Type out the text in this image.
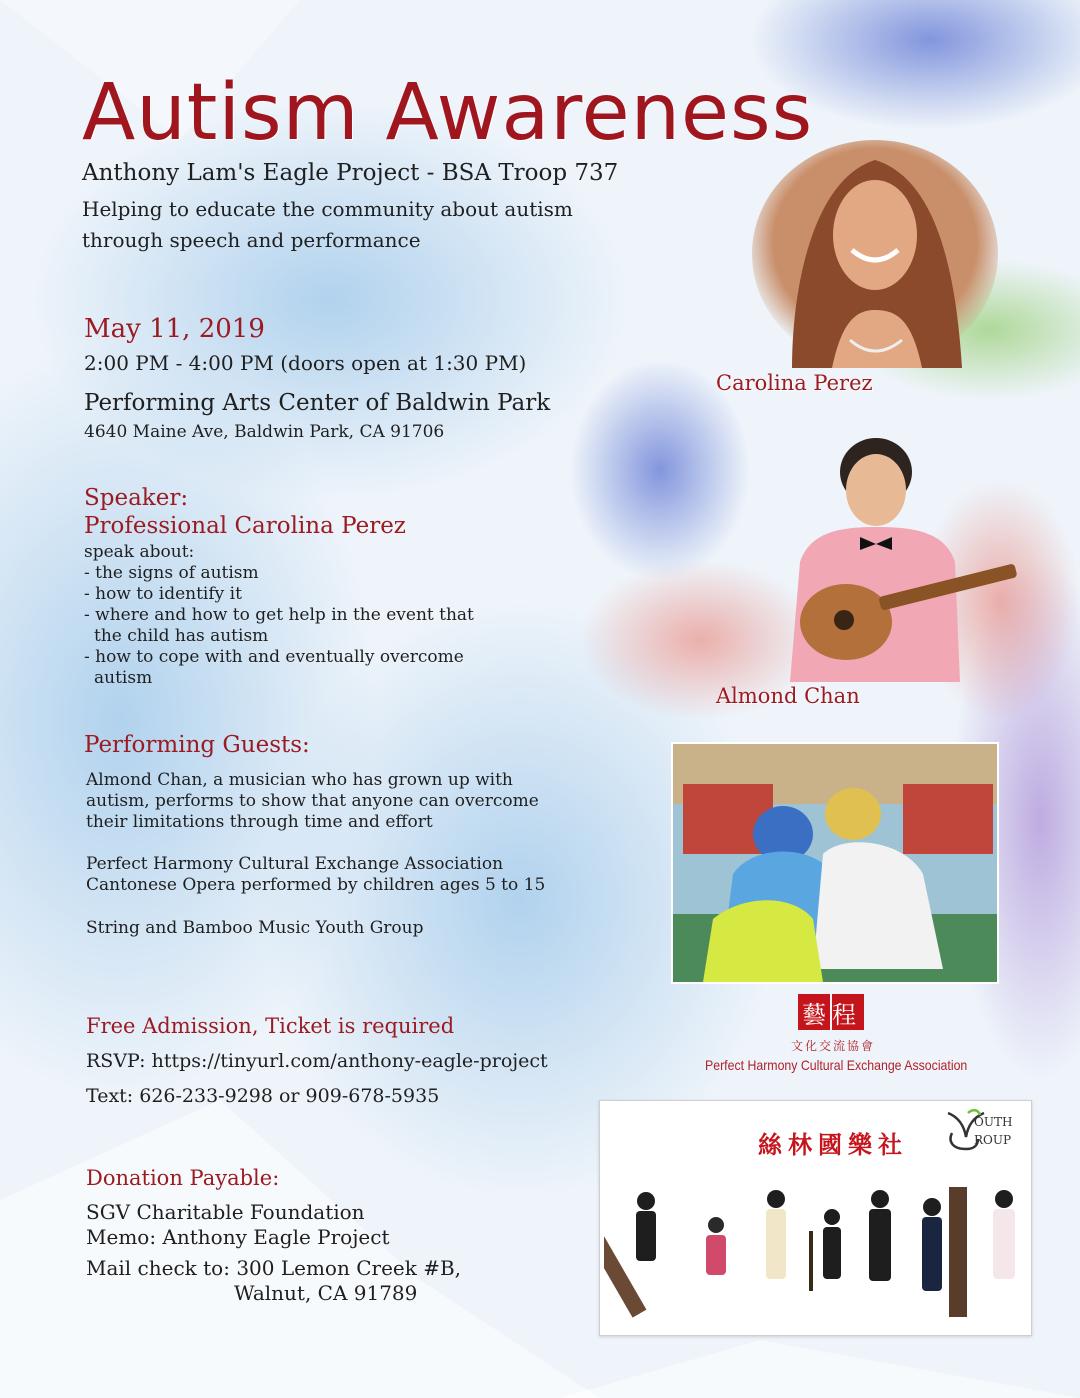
Autism Awareness
Anthony Lam's Eagle Project - BSA Troop 737
Helping to educate the community about autism through speech and performance
May 11, 2019
2:00 PM - 4:00 PM (doors open at 1:30 PM)
Performing Arts Center of Baldwin Park
4640 Maine Ave, Baldwin Park, CA 91706
Speaker:
Professional Carolina Perez
speak about:
- the signs of autism
- how to identify it
- where and how to get help in the event that the child has autism
- how to cope with and eventually overcome autism
Performing Guests:
Almond Chan, a musician who has grown up with autism, performs to show that anyone can overcome their limitations through time and effort
Perfect Harmony Cultural Exchange Association Cantonese Opera performed by children ages 5 to 15
String and Bamboo Music Youth Group
Free Admission, Ticket is required
RSVP: https://tinyurl.com/anthony-eagle-project
Text: 626-233-9298 or 909-678-5935
Donation Payable:
SGV Charitable Foundation
Memo: Anthony Eagle Project
Mail check to: 300 Lemon Creek #B,
Walnut, CA 91789
Carolina Perez
Almond Chan
藝程
文化交流協會
Perfect Harmony Cultural Exchange Association
絲林國樂社
OUTH
ROUP
